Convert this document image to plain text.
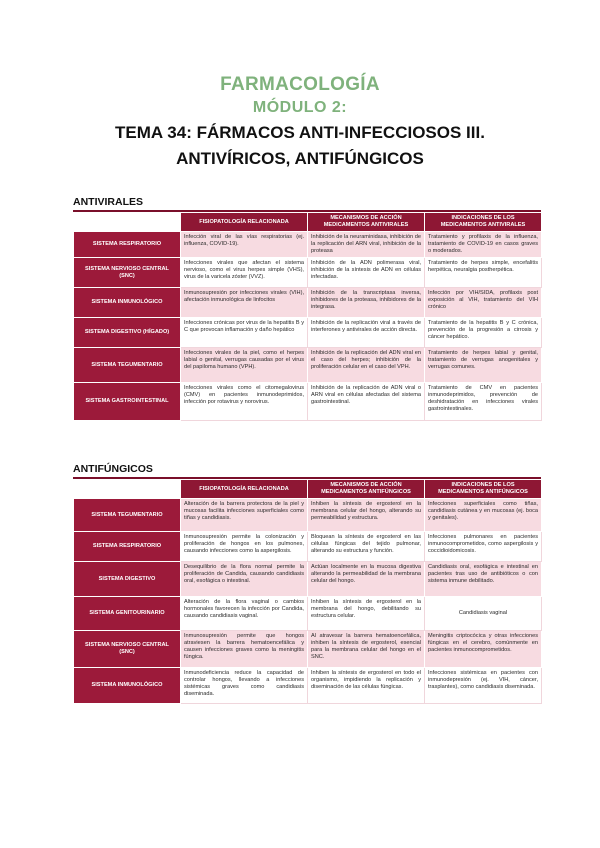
FARMACOLOGÍA
MÓDULO 2:
TEMA 34: FÁRMACOS ANTI-INFECCIOSOS III.
ANTIVÍRICOS, ANTIFÚNGICOS
ANTIVIRALES
	FISIOPATOLOGÍA RELACIONADA	MECANISMOS DE ACCIÓN MEDICAMENTOS ANTIVIRALES	INDICACIONES DE LOS MEDICAMENTOS ANTIVIRALES
SISTEMA RESPIRATORIO	Infección viral de las vías respiratorias (ej. influenza, COVID-19).	Inhibición de la neuraminidasa, inhibición de la replicación del ARN viral, inhibición de la proteasa	Tratamiento y profilaxis de la influenza, tratamiento de COVID-19 en casos graves o moderados.
SISTEMA NERVIOSO CENTRAL (SNC)	Infecciones virales que afectan el sistema nervioso, como el virus herpes simple (VHS), virus de la varicela zóster (VVZ).	Inhibición de la ADN polimerasa viral, inhibición de la síntesis de ADN en células infectadas.	Tratamiento de herpes simple, encefalitis herpética, neuralgia postherpética.
SISTEMA INMUNOLÓGICO	Inmunosupresión por infecciones virales (VIH), afectación inmunológica de linfocitos	Inhibición de la transcriptasa inversa, inhibidores de la proteasa, inhibidores de la integrasa.	Infección por VIH/SIDA, profilaxis post exposición al VIH, tratamiento del VIH crónico
SISTEMA DIGESTIVO (HÍGADO)	Infecciones crónicas por virus de la hepatitis B y C que provocan inflamación y daño hepático	Inhibición de la replicación viral a través de interferones y antivirales de acción directa.	Tratamiento de la hepatitis B y C crónica, prevención de la progresión a cirrosis y cáncer hepático.
SISTEMA TEGUMENTARIO	Infecciones virales de la piel, como el herpes labial o genital, verrugas causadas por el virus del papiloma humano (VPH).	Inhibición de la replicación del ADN viral en el caso del herpes; inhibición de la proliferación celular en el caso del VPH.	Tratamiento de herpes labial y genital, tratamiento de verrugas anogenitales y verrugas comunes.
SISTEMA GASTROINTESTINAL	Infecciones virales como el citomegalovirus (CMV) en pacientes inmunodeprimidos, infección por rotavirus y norovirus.	Inhibición de la replicación de ADN viral o ARN viral en células afectadas del sistema gastrointestinal.	Tratamiento de CMV en pacientes inmunodeprimidos, prevención de deshidratación en infecciones virales gastrointestinales.
ANTIFÚNGICOS
	FISIOPATOLOGÍA RELACIONADA	MECANISMOS DE ACCIÓN MEDICAMENTOS ANTIFÚNGICOS	INDICACIONES DE LOS MEDICAMENTOS ANTIFÚNGICOS
SISTEMA TEGUMENTARIO	Alteración de la barrera protectora de la piel y mucosas facilita infecciones superficiales como tiñas y candidiasis.	Inhiben la síntesis de ergosterol en la membrana celular del hongo, alterando su permeabilidad y estructura.	Infecciones superficiales como tiñas, candidiasis cutánea y en mucosas (ej. boca y genitales).
SISTEMA RESPIRATORIO	Inmunosupresión permite la colonización y proliferación de hongos en los pulmones, causando infecciones como la aspergilosis.	Bloquean la síntesis de ergosterol en las células fúngicas del tejido pulmonar, alterando su estructura y función.	Infecciones pulmonares en pacientes inmunocomprometidos, como aspergilosis y coccidioidomicosis.
SISTEMA DIGESTIVO	Desequilibrio de la flora normal permite la proliferación de Candida, causando candidiasis oral, esofágica o intestinal.	Actúan localmente en la mucosa digestiva alterando la permeabilidad de la membrana celular del hongo.	Candidiasis oral, esofágica e intestinal en pacientes tras uso de antibióticos o con sistema inmune debilitado.
SISTEMA GENITOURINARIO	Alteración de la flora vaginal o cambios hormonales favorecen la infección por Candida, causando candidiasis vaginal.	Inhiben la síntesis de ergosterol en la membrana del hongo, debilitando su estructura celular.	Candidiasis vaginal
SISTEMA NERVIOSO CENTRAL (SNC)	Inmunosupresión permite que hongos atraviesen la barrera hematoencefálica y causen infecciones graves como la meningitis fúngica.	Al atravesar la barrera hematoencefálica, inhiben la síntesis de ergosterol, esencial para la membrana celular del hongo en el SNC.	Meningitis criptocócica y otras infecciones fúngicas en el cerebro, comúnmente en pacientes inmunocomprometidos.
SISTEMA INMUNOLÓGICO	Inmunodeficiencia reduce la capacidad de controlar hongos, llevando a infecciones sistémicas graves como candidiasis diseminada.	Inhiben la síntesis de ergosterol en todo el organismo, impidiendo la replicación y diseminación de las células fúngicas.	Infecciones sistémicas en pacientes con inmunodepresión (ej. VIH, cáncer, trasplantes), como candidiasis diseminada.
